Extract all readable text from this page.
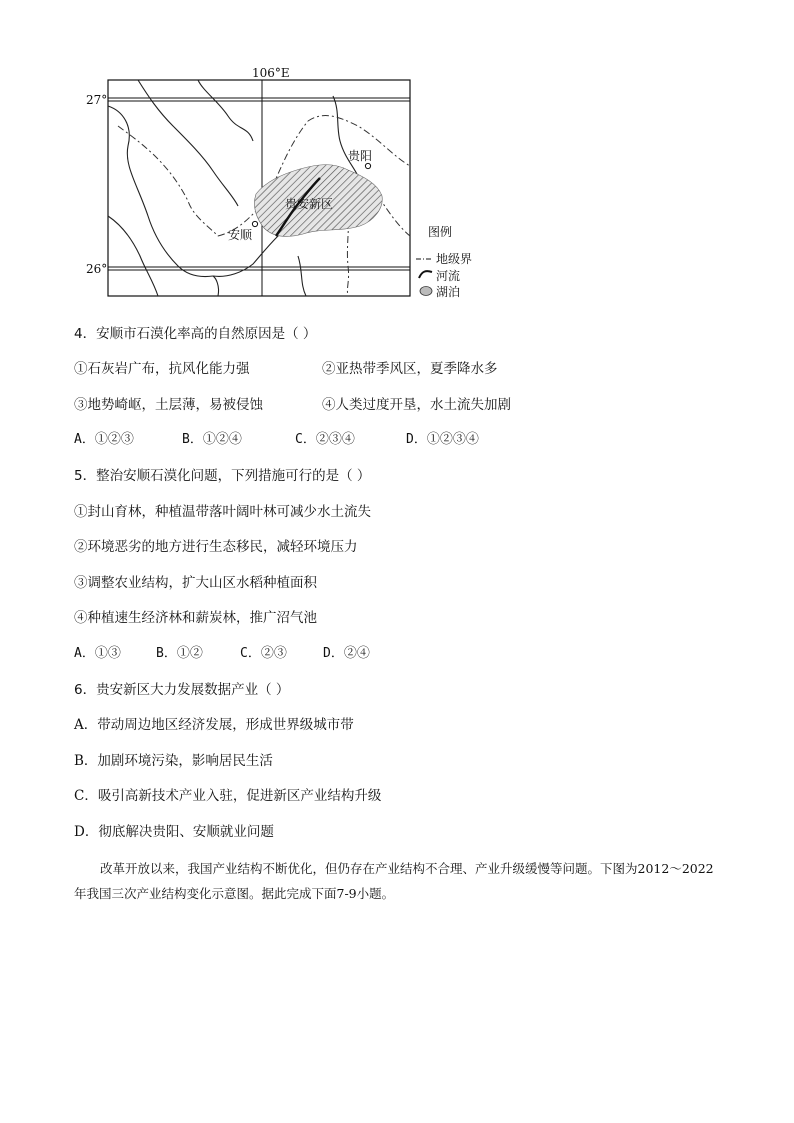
106°E
27°
26°
贵阳
贵安新区
安顺	图例
地级界
河流
湖泊
4．安顺市石漠化率高的自然原因是（ ）
①石灰岩广布，抗风化能力强	②亚热带季风区，夏季降水多
③地势崎岖，土层薄，易被侵蚀	④人类过度开垦，水土流失加剧
A．①②③	B．①②④	C．②③④	D．①②③④
5．整治安顺石漠化问题，下列措施可行的是（ ）
①封山育林，种植温带落叶阔叶林可减少水土流失
②环境恶劣的地方进行生态移民，减轻环境压力
③调整农业结构，扩大山区水稻种植面积
④种植速生经济林和薪炭林，推广沼气池
A．①③	B．①②	C．②③	D．②④
6．贵安新区大力发展数据产业（ ）
A．带动周边地区经济发展，形成世界级城市带
B．加剧环境污染，影响居民生活
C．吸引高新技术产业入驻，促进新区产业结构升级
D．彻底解决贵阳、安顺就业问题
改革开放以来，我国产业结构不断优化，但仍存在产业结构不合理、产业升级缓慢等问题。下图为2012～2022年我国三次产业结构变化示意图。据此完成下面7-9小题。
